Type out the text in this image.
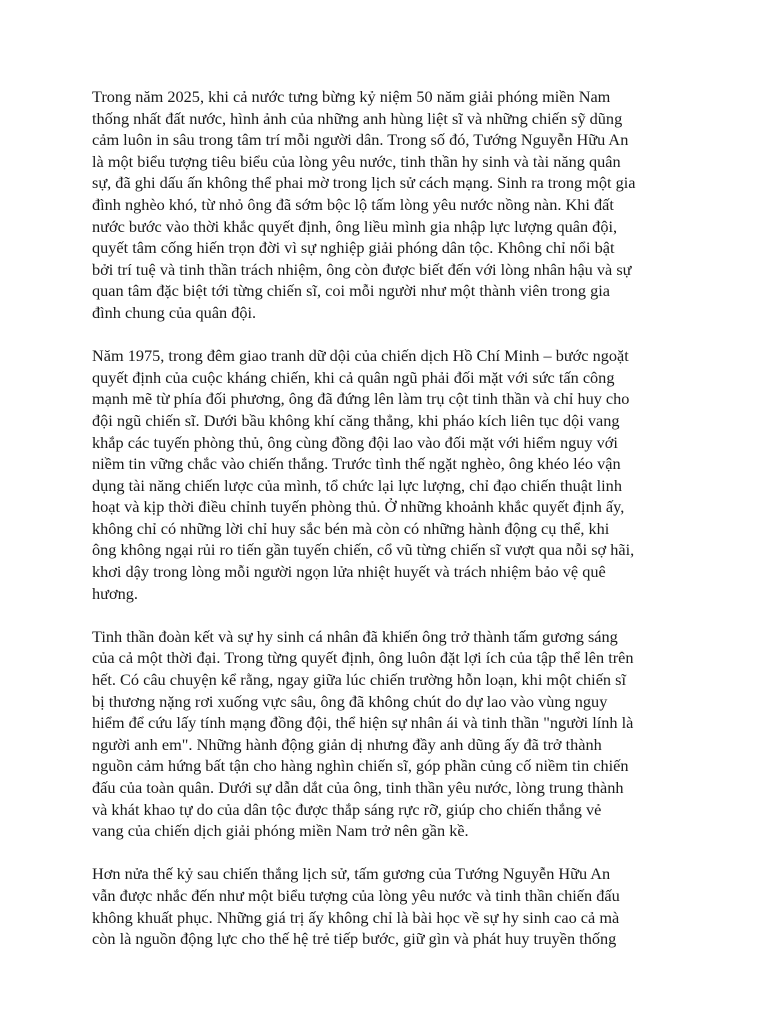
Trong năm 2025, khi cả nước tưng bừng kỷ niệm 50 năm giải phóng miền Nam
thống nhất đất nước, hình ảnh của những anh hùng liệt sĩ và những chiến sỹ dũng
cảm luôn in sâu trong tâm trí mỗi người dân. Trong số đó, Tướng Nguyễn Hữu An
là một biểu tượng tiêu biểu của lòng yêu nước, tinh thần hy sinh và tài năng quân
sự, đã ghi dấu ấn không thể phai mờ trong lịch sử cách mạng. Sinh ra trong một gia
đình nghèo khó, từ nhỏ ông đã sớm bộc lộ tấm lòng yêu nước nồng nàn. Khi đất
nước bước vào thời khắc quyết định, ông liều mình gia nhập lực lượng quân đội,
quyết tâm cống hiến trọn đời vì sự nghiệp giải phóng dân tộc. Không chỉ nổi bật
bởi trí tuệ và tinh thần trách nhiệm, ông còn được biết đến với lòng nhân hậu và sự
quan tâm đặc biệt tới từng chiến sĩ, coi mỗi người như một thành viên trong gia
đình chung của quân đội.

Năm 1975, trong đêm giao tranh dữ dội của chiến dịch Hồ Chí Minh – bước ngoặt
quyết định của cuộc kháng chiến, khi cả quân ngũ phải đối mặt với sức tấn công
mạnh mẽ từ phía đối phương, ông đã đứng lên làm trụ cột tinh thần và chỉ huy cho
đội ngũ chiến sĩ. Dưới bầu không khí căng thẳng, khi pháo kích liên tục dội vang
khắp các tuyến phòng thủ, ông cùng đồng đội lao vào đối mặt với hiểm nguy với
niềm tin vững chắc vào chiến thắng. Trước tình thế ngặt nghèo, ông khéo léo vận
dụng tài năng chiến lược của mình, tổ chức lại lực lượng, chỉ đạo chiến thuật linh
hoạt và kịp thời điều chỉnh tuyến phòng thủ. Ở những khoảnh khắc quyết định ấy,
không chỉ có những lời chỉ huy sắc bén mà còn có những hành động cụ thể, khi
ông không ngại rủi ro tiến gần tuyến chiến, cổ vũ từng chiến sĩ vượt qua nỗi sợ hãi,
khơi dậy trong lòng mỗi người ngọn lửa nhiệt huyết và trách nhiệm bảo vệ quê
hương.

Tinh thần đoàn kết và sự hy sinh cá nhân đã khiến ông trở thành tấm gương sáng
của cả một thời đại. Trong từng quyết định, ông luôn đặt lợi ích của tập thể lên trên
hết. Có câu chuyện kể rằng, ngay giữa lúc chiến trường hỗn loạn, khi một chiến sĩ
bị thương nặng rơi xuống vực sâu, ông đã không chút do dự lao vào vùng nguy
hiểm để cứu lấy tính mạng đồng đội, thể hiện sự nhân ái và tinh thần "người lính là
người anh em". Những hành động giản dị nhưng đầy anh dũng ấy đã trở thành
nguồn cảm hứng bất tận cho hàng nghìn chiến sĩ, góp phần củng cố niềm tin chiến
đấu của toàn quân. Dưới sự dẫn dắt của ông, tinh thần yêu nước, lòng trung thành
và khát khao tự do của dân tộc được thắp sáng rực rỡ, giúp cho chiến thắng vẻ
vang của chiến dịch giải phóng miền Nam trở nên gần kề.

Hơn nửa thế kỷ sau chiến thắng lịch sử, tấm gương của Tướng Nguyễn Hữu An
vẫn được nhắc đến như một biểu tượng của lòng yêu nước và tinh thần chiến đấu
không khuất phục. Những giá trị ấy không chỉ là bài học về sự hy sinh cao cả mà
còn là nguồn động lực cho thế hệ trẻ tiếp bước, giữ gìn và phát huy truyền thống
